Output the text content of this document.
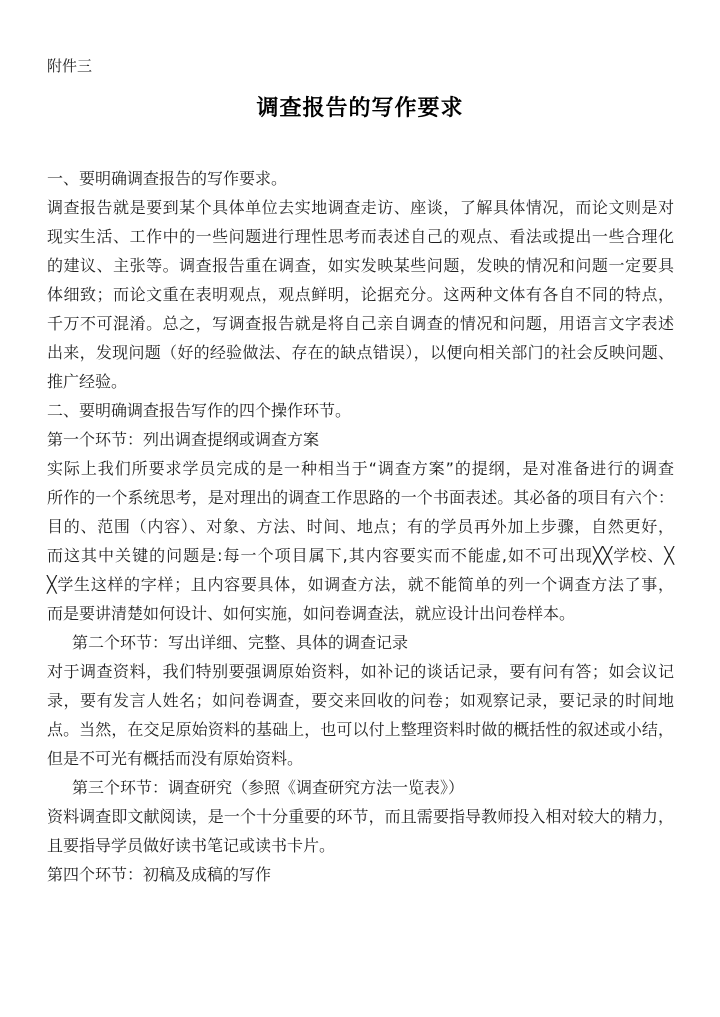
附件三
调查报告的写作要求
一、要明确调查报告的写作要求。
调查报告就是要到某个具体单位去实地调查走访、座谈，了解具体情况，而论文则是对
现实生活、工作中的一些问题进行理性思考而表述自己的观点、看法或提出一些合理化
的建议、主张等。调查报告重在调查，如实发映某些问题，发映的情况和问题一定要具
体细致；而论文重在表明观点，观点鲜明，论据充分。这两种文体有各自不同的特点，
千万不可混淆。总之，写调查报告就是将自己亲自调查的情况和问题，用语言文字表述
出来，发现问题（好的经验做法、存在的缺点错误），以便向相关部门的社会反映问题、
推广经验。
二、要明确调查报告写作的四个操作环节。
第一个环节：列出调查提纲或调查方案
实际上我们所要求学员完成的是一种相当于“调查方案”的提纲，是对准备进行的调查
所作的一个系统思考，是对理出的调查工作思路的一个书面表述。其必备的项目有六个：
目的、范围（内容）、对象、方法、时间、地点；有的学员再外加上步骤，自然更好，
而这其中关键的问题是:每一个项目属下,其内容要实而不能虚,如不可出现╳╳学校、╳
╳学生这样的字样；且内容要具体，如调查方法，就不能简单的列一个调查方法了事，
而是要讲清楚如何设计、如何实施，如问卷调查法，就应设计出问卷样本。
第二个环节：写出详细、完整、具体的调查记录
对于调查资料，我们特别要强调原始资料，如补记的谈话记录，要有问有答；如会议记
录，要有发言人姓名；如问卷调查，要交来回收的问卷；如观察记录，要记录的时间地
点。当然，在交足原始资料的基础上，也可以付上整理资料时做的概括性的叙述或小结，
但是不可光有概括而没有原始资料。
第三个环节：调查研究（参照《调查研究方法一览表》）
资料调查即文献阅读，是一个十分重要的环节，而且需要指导教师投入相对较大的精力，
且要指导学员做好读书笔记或读书卡片。
第四个环节：初稿及成稿的写作
